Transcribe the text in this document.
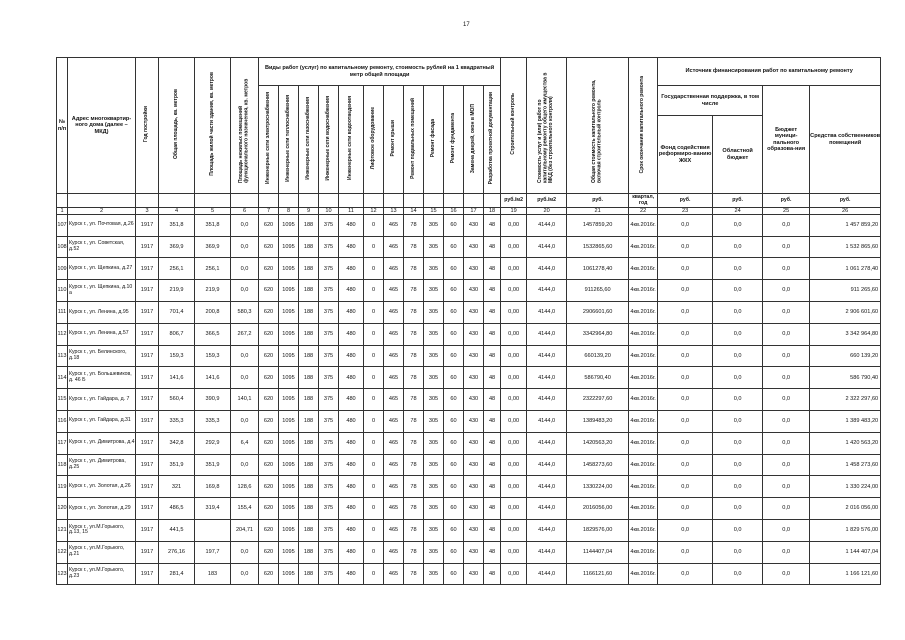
17
№ п/п	Адрес многоквартир-ного дома (далее – МКД)	Год постройки	Общая площадь, кв. метров	Площадь жилой части здания, кв. метров	Площадь нежилых помещений функционального назначения, кв. метров	Виды работ (услуг) по капитальному ремонту, стоимость рублей на 1 квадратный метр общей площади												Строительный контроль	Стоимость услуг и (или) работ по капитальному ремонту общего имущества в МКД (без строительного контроля)	Общая стоимость капитального ремонта, включая строительный контроль	Срок окончания капитального ремонта	Источник финансирования работ по капитальному ремонту			
						Инженерные сети электроснабжения	Инженерные сети теплоснабжения	Инженерные сети газоснабжения	Инженерные сети водоснабжения	Инженерные сети водоотведения	Лифтовое оборудование	Ремонт крыши	Ремонт подвальных помещений	Ремонт фасада	Ремонт фундамента	Замена дверей, окон в МОП	Разработка проектной документации					Государственная поддержка, в том числе		Бюджет муници-пального образова-ния	Средства собственников помещений
																						Фонд содействия реформиро-ванию ЖКХ	Областной бюджет		
																		руб./м2	руб./м2	руб.	квартал, год	руб.	руб.	руб.	руб.
1	2	3	4	5	6	7	8	9	10	11	12	13	14	15	16	17	18	19	20	21	22	23	24	25	26
107	Курск г., ул. Почтовая, д.26	1917	351,8	351,8	0,0	620	1095	188	375	480	0	465	78	305	60	430	48	0,00	4144,0	1457859,20	4кв.2016г.	0,0	0,0	0,0	1 457 859,20
108	Курск г., ул. Советская, д.52	1917	369,9	369,9	0,0	620	1095	188	375	480	0	465	78	305	60	430	48	0,00	4144,0	1532865,60	4кв.2016г.	0,0	0,0	0,0	1 532 865,60
109	Курск г., ул. Щепкина, д.27	1917	256,1	256,1	0,0	620	1095	188	375	480	0	465	78	305	60	430	48	0,00	4144,0	1061278,40	4кв.2016г.	0,0	0,0	0,0	1 061 278,40
110	Курск г., ул. Щепкина, д.10 а	1917	219,9	219,9	0,0	620	1095	188	375	480	0	465	78	305	60	430	48	0,00	4144,0	911265,60	4кв.2016г.	0,0	0,0	0,0	911 265,60
111	Курск г., ул. Ленина, д.95	1917	701,4	200,8	580,3	620	1095	188	375	480	0	465	78	305	60	430	48	0,00	4144,0	2906601,60	4кв.2016г.	0,0	0,0	0,0	2 906 601,60
112	Курск г., ул. Ленина, д.57	1917	806,7	366,5	267,2	620	1095	188	375	480	0	465	78	305	60	430	48	0,00	4144,0	3342964,80	4кв.2016г.	0,0	0,0	0,0	3 342 964,80
113	Курск г., ул. Белинского, д.18	1917	159,3	159,3	0,0	620	1095	188	375	480	0	465	78	305	60	430	48	0,00	4144,0	660139,20	4кв.2016г.	0,0	0,0	0,0	660 139,20
114	Курск г., ул. Большевиков, д. 46 Б	1917	141,6	141,6	0,0	620	1095	188	375	480	0	465	78	305	60	430	48	0,00	4144,0	586790,40	4кв.2016г.	0,0	0,0	0,0	586 790,40
115	Курск г., ул. Гайдара, д. 7	1917	560,4	390,9	140,1	620	1095	188	375	480	0	465	78	305	60	430	48	0,00	4144,0	2322297,60	4кв.2016г.	0,0	0,0	0,0	2 322 297,60
116	Курск г., ул. Гайдара, д.31	1917	335,3	335,3	0,0	620	1095	188	375	480	0	465	78	305	60	430	48	0,00	4144,0	1389483,20	4кв.2016г.	0,0	0,0	0,0	1 389 483,20
117	Курск г., ул. Димитрова, д.4	1917	342,8	292,9	6,4	620	1095	188	375	480	0	465	78	305	60	430	48	0,00	4144,0	1420563,20	4кв.2016г.	0,0	0,0	0,0	1 420 563,20
118	Курск г., ул. Димитрова, д.25	1917	351,9	351,9	0,0	620	1095	188	375	480	0	465	78	305	60	430	48	0,00	4144,0	1458273,60	4кв.2016г.	0,0	0,0	0,0	1 458 273,60
119	Курск г., ул. Золотая, д.26	1917	321	169,8	128,6	620	1095	188	375	480	0	465	78	305	60	430	48	0,00	4144,0	1330224,00	4кв.2016г.	0,0	0,0	0,0	1 330 224,00
120	Курск г., ул. Золотая, д.29	1917	486,5	319,4	155,4	620	1095	188	375	480	0	465	78	305	60	430	48	0,00	4144,0	2016056,00	4кв.2016г.	0,0	0,0	0,0	2 016 056,00
121	Курск г., ул.М.Горького, д.13, 15	1917	441,5		204,71	620	1095	188	375	480	0	465	78	305	60	430	48	0,00	4144,0	1829576,00	4кв.2016г.	0,0	0,0	0,0	1 829 576,00
122	Курск г., ул.М.Горького, д.21	1917	276,16	197,7	0,0	620	1095	188	375	480	0	465	78	305	60	430	48	0,00	4144,0	1144407,04	4кв.2016г.	0,0	0,0	0,0	1 144 407,04
123	Курск г., ул.М.Горького, д.23	1917	281,4	183	0,0	620	1095	188	375	480	0	465	78	305	60	430	48	0,00	4144,0	1166121,60	4кв.2016г.	0,0	0,0	0,0	1 166 121,60
